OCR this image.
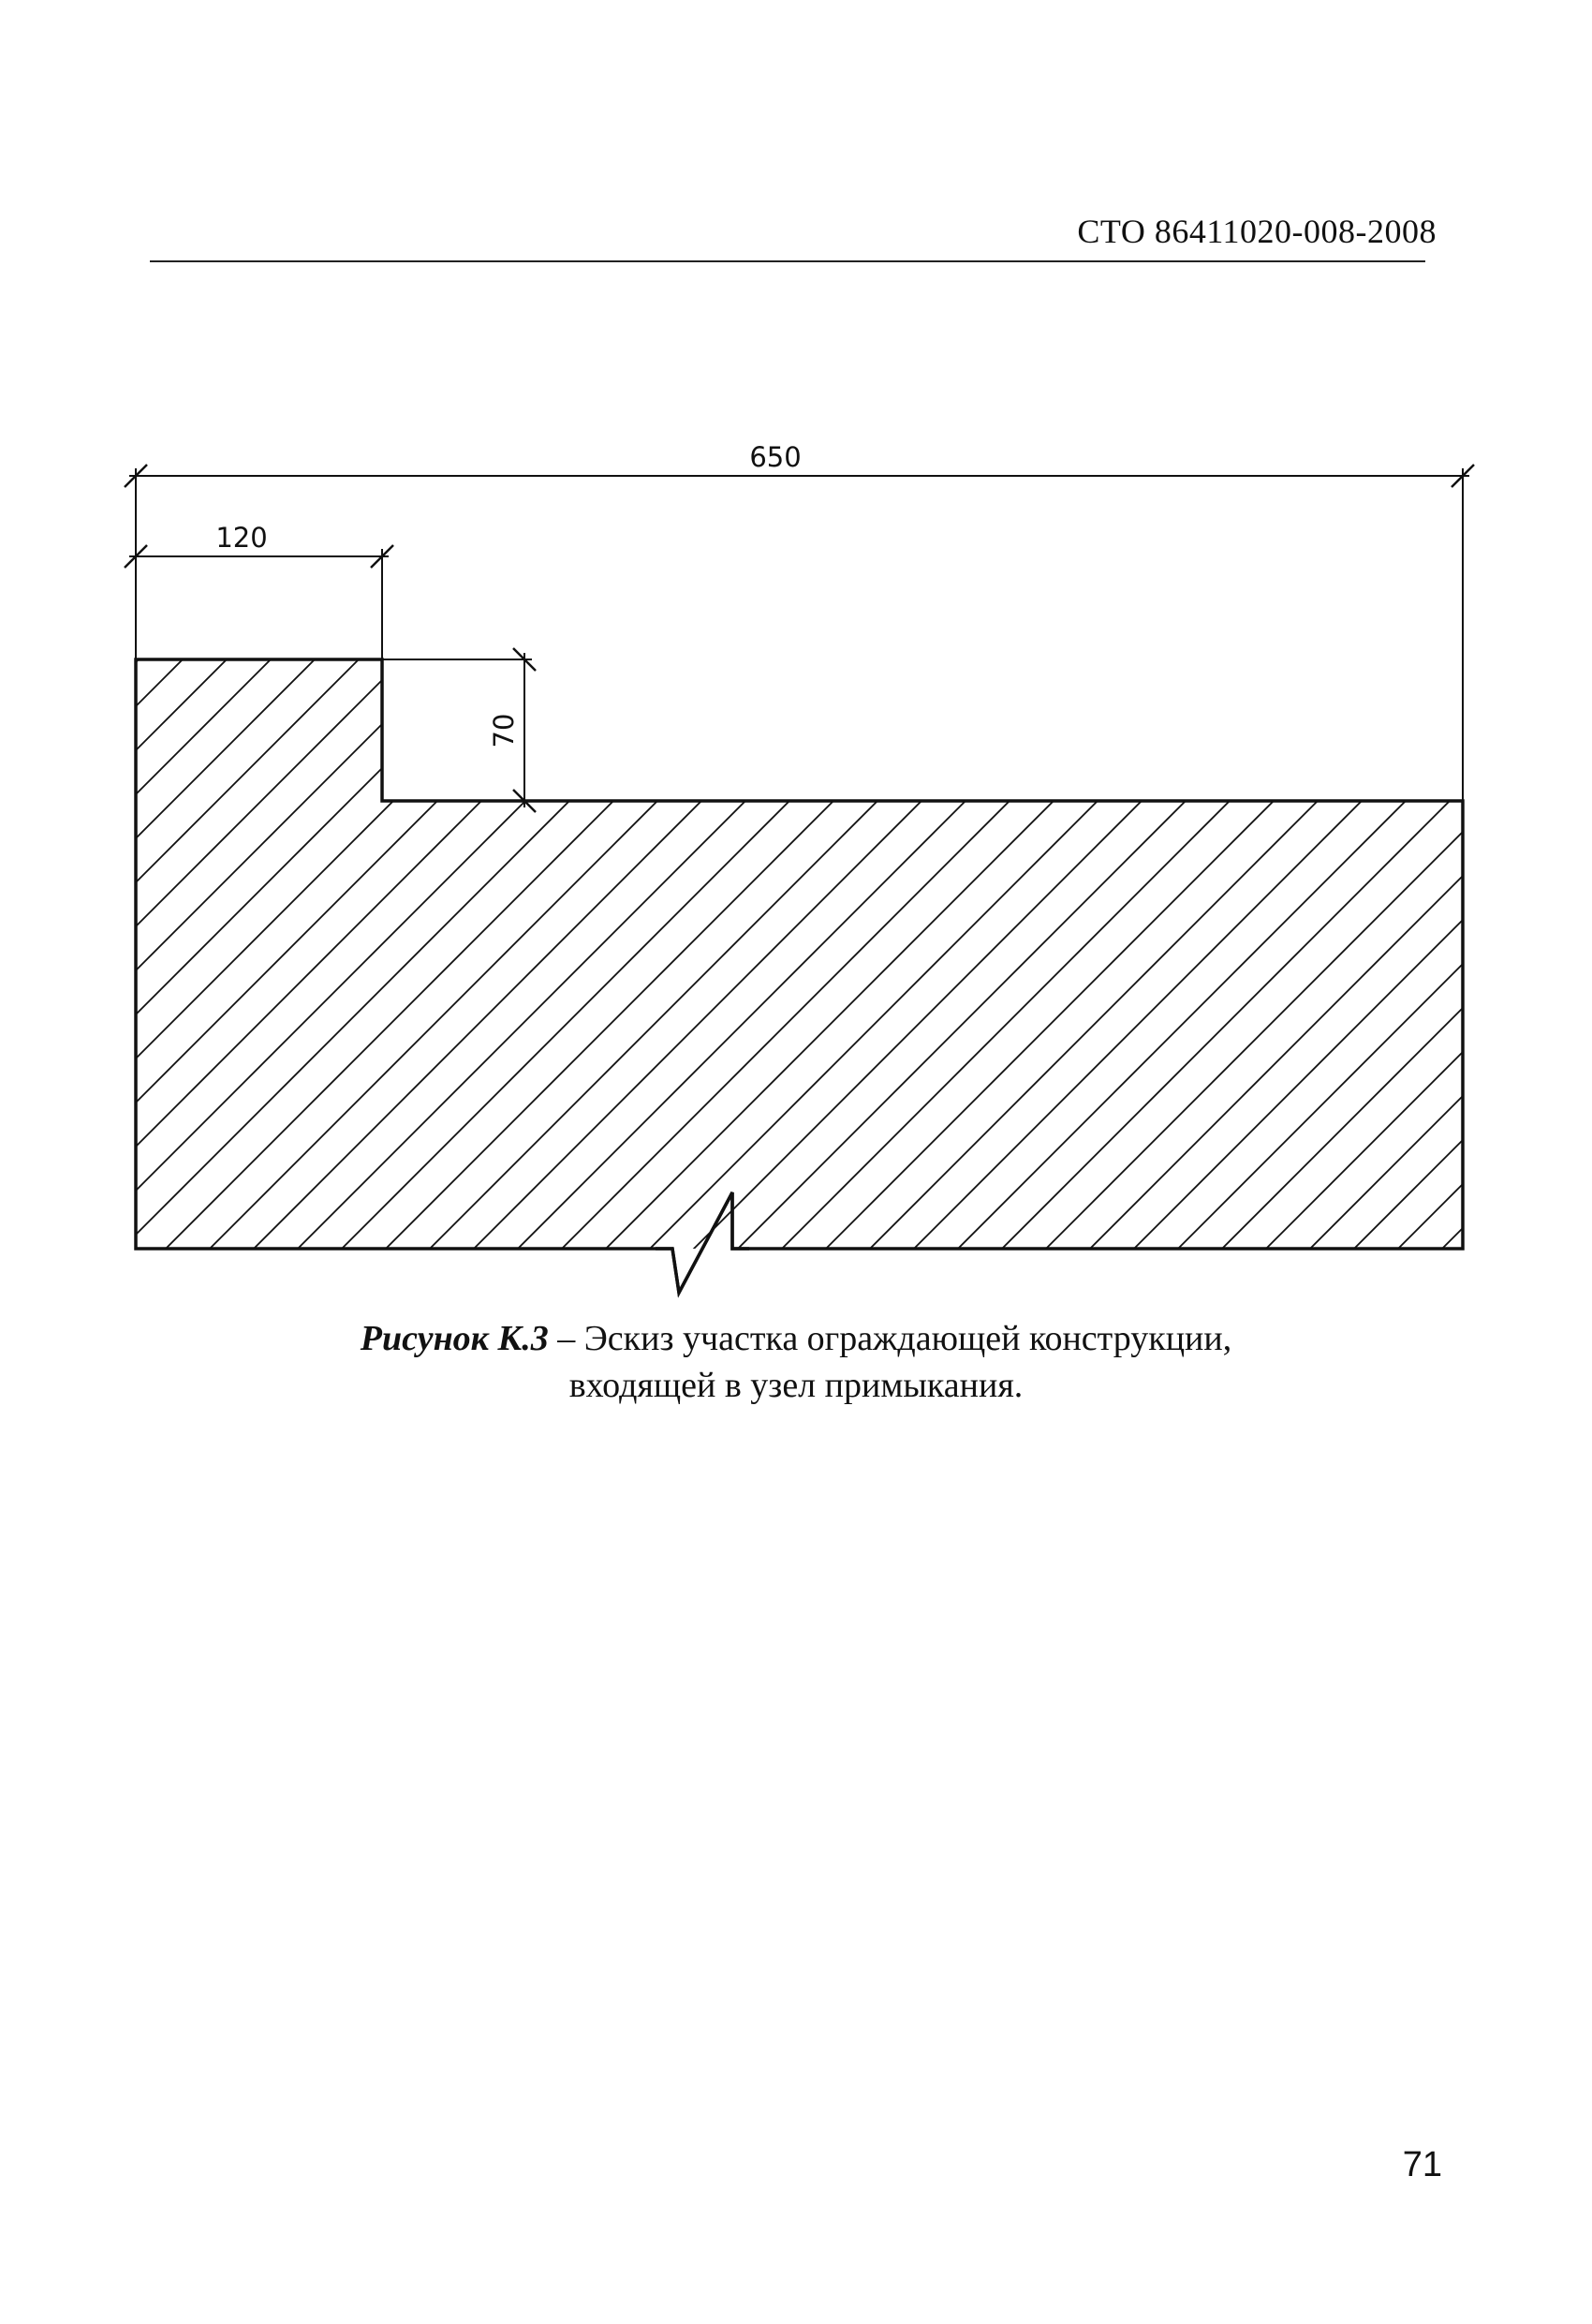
СТО 86411020-008-2008
650
120
70
Рисунок К.3 – Эскиз участка ограждающей конструкции,
входящей в узел примыкания.
71
